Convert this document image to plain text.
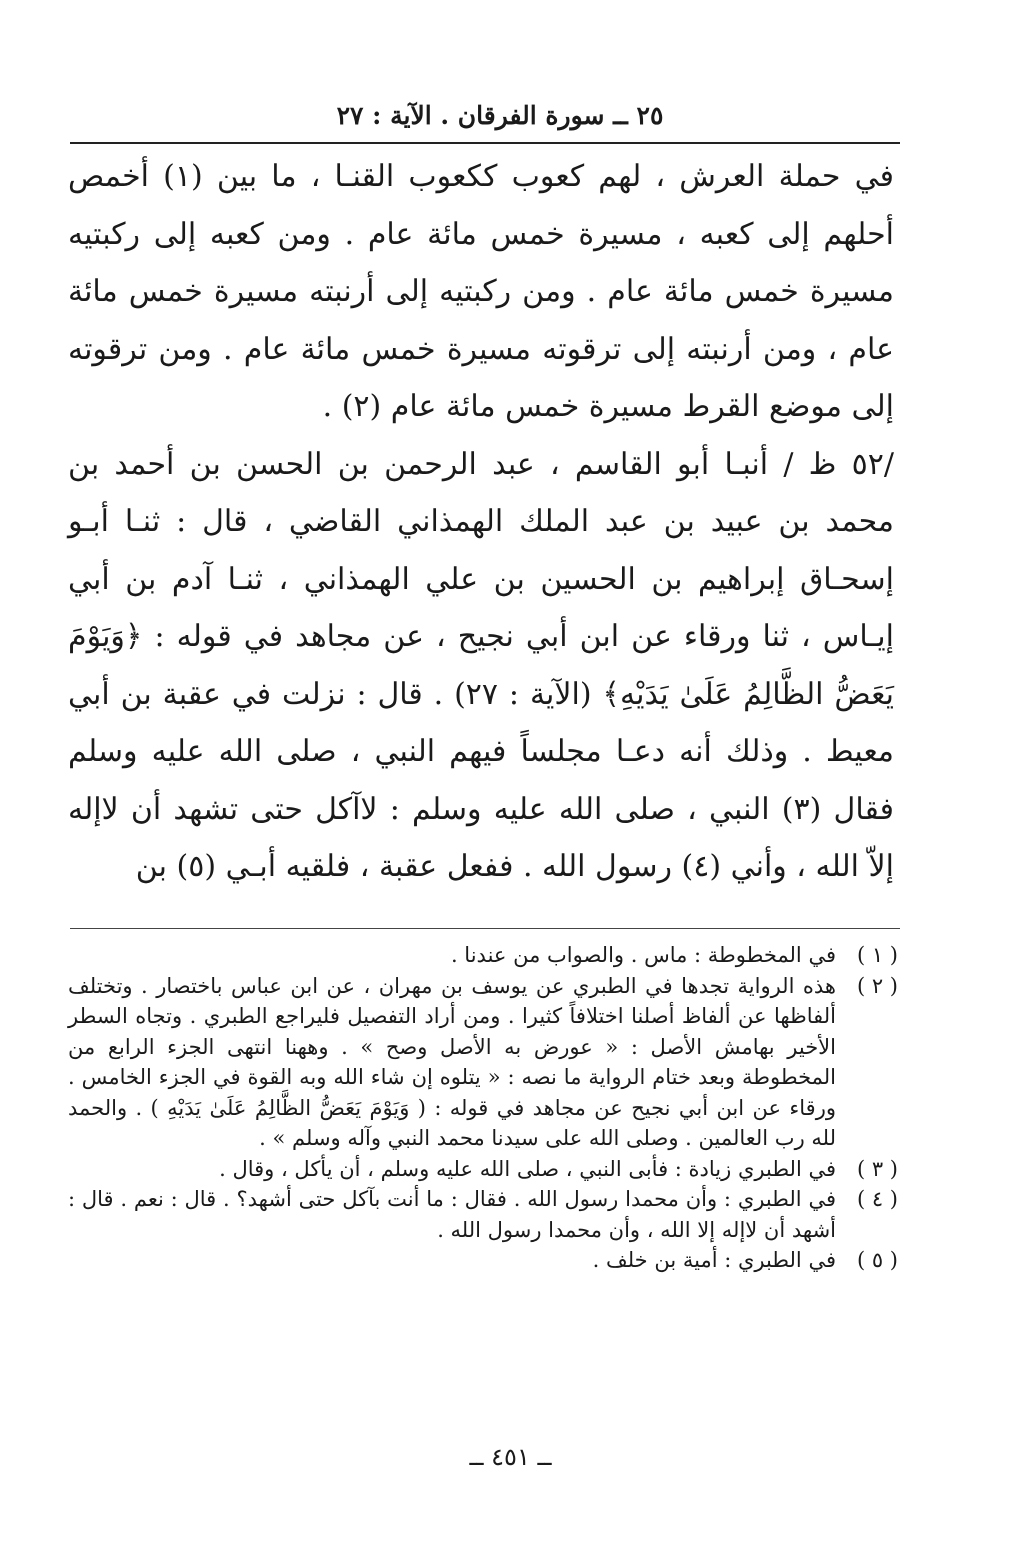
٢٥ ــ سورة الفرقان . الآية : ٢٧

في حملة العرش ، لهم كعوب ككعوب القنـا ، ما بين (١) أخمص أحلهم إلى كعبه ، مسيرة خمس مائة عام . ومن كعبه إلى ركبتيه مسيرة خمس مائة عام . ومن ركبتيه إلى أرنبته مسيرة خمس مائة عام ، ومن أرنبته إلى ترقوته مسيرة خمس مائة عام . ومن ترقوته إلى موضع القرط مسيرة خمس مائة عام (٢) .

/٥٢ ظ / أنبـا أبو القاسم ، عبد الرحمن بن الحسن بن أحمد بن محمد بن عبيد بن عبد الملك الهمذاني القاضي ، قال : ثنـا أبـو إسحـاق إبراهيم بن الحسين بن علي الهمذاني ، ثنـا آدم بن أبي إيـاس ، ثنا ورقاء عن ابن أبي نجيح ، عن مجاهد في قوله : ﴿وَيَوْمَ يَعَضُّ الظَّالِمُ عَلَىٰ يَدَيْهِ﴾ (الآية : ٢٧) . قال : نزلت في عقبة بن أبي معيط . وذلك أنه دعـا مجلساً فيهم النبي ، صلى الله عليه وسلم فقال (٣) النبي ، صلى الله عليه وسلم : لاآكل حتى تشهد أن لاإله إلاّ الله ، وأني (٤) رسول الله . ففعل عقبة ، فلقيه أبـي (٥) بن

( ١ )
في المخطوطة : ماس . والصواب من عندنا .
( ٢ )
هذه الرواية تجدها في الطبري عن يوسف بن مهران ، عن ابن عباس باختصار . وتختلف ألفاظها عن ألفاظ أصلنا اختلافاً كثيرا . ومن أراد التفصيل فليراجع الطبري . وتجاه السطر الأخير بهامش الأصل : « عورض به الأصل وصح » . وههنا انتهى الجزء الرابع من المخطوطة وبعد ختام الرواية ما نصه : « يتلوه إن شاء الله وبه القوة في الجزء الخامس . ورقاء عن ابن أبي نجيح عن مجاهد في قوله : ( وَيَوْمَ يَعَضُّ الظَّالِمُ عَلَىٰ يَدَيْهِ ) . والحمد لله رب العالمين . وصلى الله على سيدنا محمد النبي وآله وسلم » .
( ٣ )
في الطبري زيادة : فأبى النبي ، صلى الله عليه وسلم ، أن يأكل ، وقال .
( ٤ )
في الطبري : وأن محمدا رسول الله . فقال : ما أنت بآكل حتى أشهد؟ . قال : نعم . قال : أشهد أن لاإله إلا الله ، وأن محمدا رسول الله .
( ٥ )
في الطبري : أمية بن خلف .
ــ ٤٥١ ــ
